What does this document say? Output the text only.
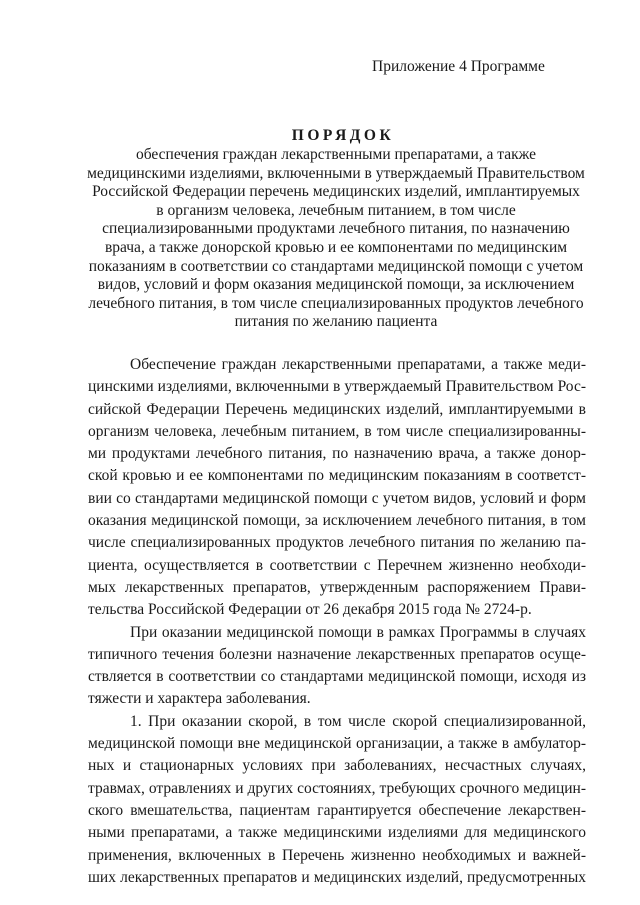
Приложение 4 Программе
ПОРЯДОК
обеспечения граждан лекарственными препаратами, а также
медицинскими изделиями, включенными в утверждаемый Правительством
Российской Федерации перечень медицинских изделий, имплантируемых
в организм человека, лечебным питанием, в том числе
специализированными продуктами лечебного питания, по назначению
врача, а также донорской кровью и ее компонентами по медицинским
показаниям в соответствии со стандартами медицинской помощи с учетом
видов, условий и форм оказания медицинской помощи, за исключением
лечебного питания, в том числе специализированных продуктов лечебного
питания по желанию пациента
Обеспечение граждан лекарственными препаратами, а также меди-
цинскими изделиями, включенными в утверждаемый Правительством Рос-
сийской Федерации Перечень медицинских изделий, имплантируемыми в
организм человека, лечебным питанием, в том числе специализированны-
ми продуктами лечебного питания, по назначению врача, а также донор-
ской кровью и ее компонентами по медицинским показаниям в соответст-
вии со стандартами медицинской помощи с учетом видов, условий и форм
оказания медицинской помощи, за исключением лечебного питания, в том
числе специализированных продуктов лечебного питания по желанию па-
циента, осуществляется в соответствии с Перечнем жизненно необходи-
мых лекарственных препаратов, утвержденным распоряжением Прави-
тельства Российской Федерации от 26 декабря 2015 года № 2724-р.
При оказании медицинской помощи в рамках Программы в случаях
типичного течения болезни назначение лекарственных препаратов осуще-
ствляется в соответствии со стандартами медицинской помощи, исходя из
тяжести и характера заболевания.
1. При оказании скорой, в том числе скорой специализированной,
медицинской помощи вне медицинской организации, а также в амбулатор-
ных и стационарных условиях при заболеваниях, несчастных случаях,
травмах, отравлениях и других состояниях, требующих срочного медицин-
ского вмешательства, пациентам гарантируется обеспечение лекарствен-
ными препаратами, а также медицинскими изделиями для медицинского
применения, включенных в Перечень жизненно необходимых и важней-
ших лекарственных препаратов и медицинских изделий, предусмотренных
